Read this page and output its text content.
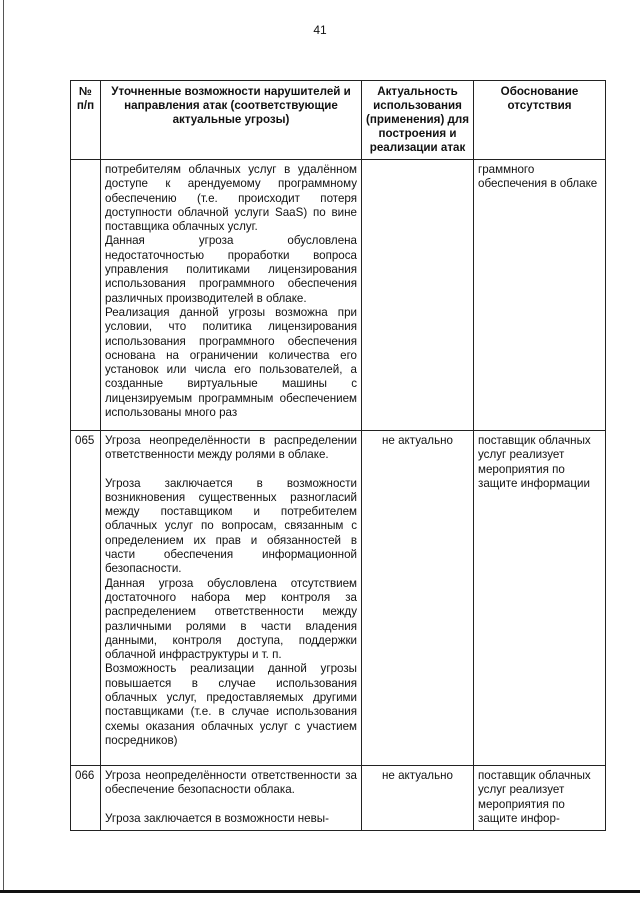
41

№
п/п	Уточненные возможности нарушителей и направления атак (соответствующие актуальные угрозы)	Актуальность использования (применения) для построения и реализации атак	Обоснование отсутствия

	потребителям облачных услуг в удалённом доступе к арендуемому программному обеспечению (т.е. происходит потеря доступности облачной услуги SaaS) по вине поставщика облачных услуг.

Данная угроза обусловлена недостаточностью проработки вопроса управления политиками лицензирования использования программного обеспечения различных производителей в облаке.

Реализация данной угрозы возможна при условии, что политика лицензирования использования программного обеспечения основана на ограничении количества его установок или числа его пользователей, а созданные виртуальные машины с лицензируемым программным обеспечением использованы много раз		граммного обеспечения в облаке
065	Угроза неопределённости в распределении ответственности между ролями в облаке.

Угроза заключается в возможности возникновения существенных разногласий между поставщиком и потребителем облачных услуг по вопросам, связанным с определением их прав и обязанностей в части обеспечения информационной безопасности.

Данная угроза обусловлена отсутствием достаточного набора мер контроля за распределением ответственности между различными ролями в части владения данными, контроля доступа, поддержки облачной инфраструктуры и т. п.

Возможность реализации данной угрозы повышается в случае использования облачных услуг, предоставляемых другими поставщиками (т.е. в случае использования схемы оказания облачных услуг с участием посредников)	не актуально	поставщик облачных услуг реализует мероприятия по защите информации
066	Угроза неопределённости ответственности за обеспечение безопасности облака.

Угроза заключается в возможности невы-	не актуально	поставщик облачных услуг реализует мероприятия по защите инфор-
